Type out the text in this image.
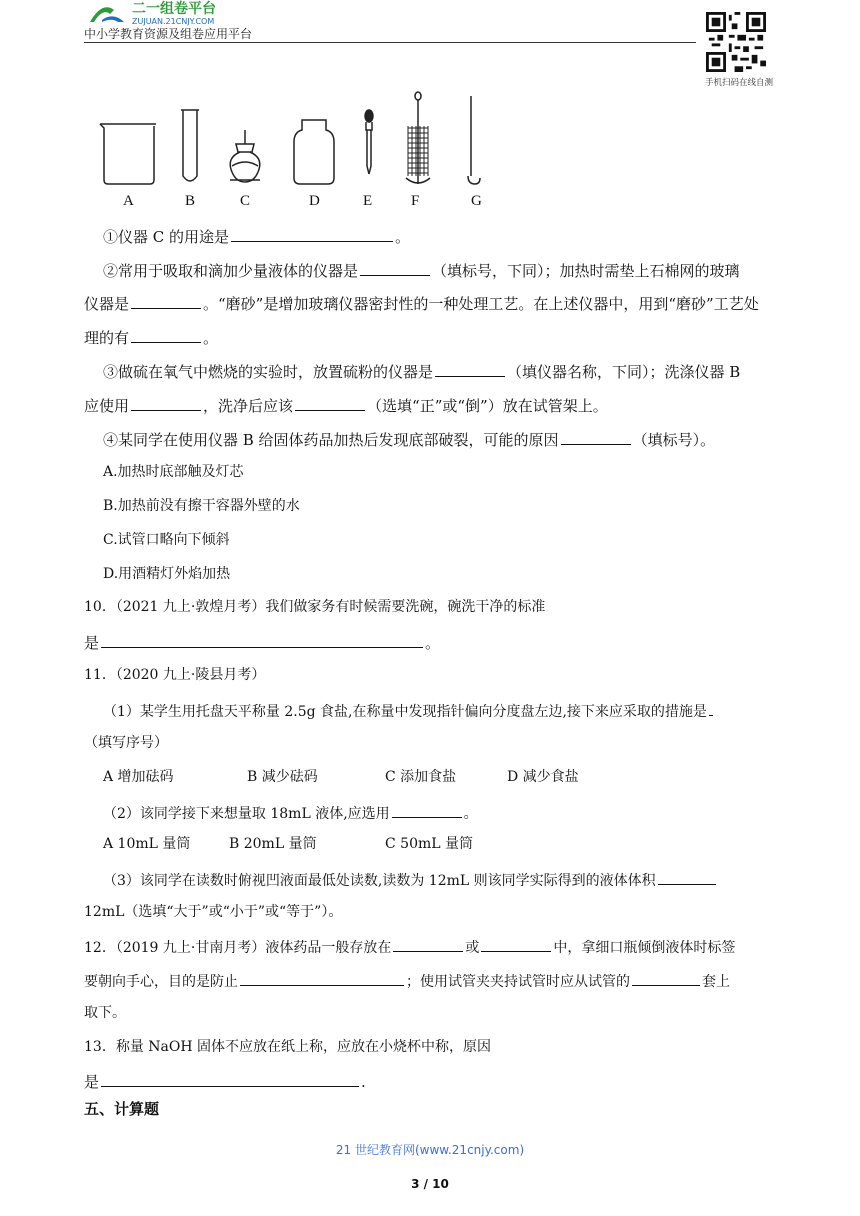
二一组卷平台
ZUJUAN.21CNJY.COM
中小学教育资源及组卷应用平台
手机扫码在线自测
A	B	C	D	E	F	G
①仪器 C 的用途是	。
②常用于吸取和滴加少量液体的仪器是	（填标号，下同）；加热时需垫上石棉网的玻璃
仪器是	。“磨砂”是增加玻璃仪器密封性的一种处理工艺。在上述仪器中，用到“磨砂”工艺处
理的有	。
③做硫在氧气中燃烧的实验时，放置硫粉的仪器是	（填仪器名称，下同）；洗涤仪器 B
应使用	，洗净后应该	（选填“正”或“倒”）放在试管架上。
④某同学在使用仪器 B 给固体药品加热后发现底部破裂，可能的原因	（填标号）。
A.加热时底部触及灯芯
B.加热前没有擦干容器外壁的水
C.试管口略向下倾斜
D.用酒精灯外焰加热
10．（2021 九上·敦煌月考）我们做家务有时候需要洗碗，碗洗干净的标准
是	。
11．（2020 九上·陵县月考）
（1）某学生用托盘天平称量 2.5g 食盐,在称量中发现指针偏向分度盘左边,接下来应采取的措施是
（填写序号）
A 增加砝码	B 减少砝码	C 添加食盐	D 减少食盐
（2）该同学接下来想量取 18mL 液体,应选用	。
A 10mL 量筒	B 20mL 量筒	C 50mL 量筒
（3）该同学在读数时俯视凹液面最低处读数,读数为 12mL 则该同学实际得到的液体体积
12mL（选填“大于”或“小于”或“等于”）。
12．（2019 九上·甘南月考）液体药品一般存放在	或	中，拿细口瓶倾倒液体时标签
要朝向手心，目的是防止	；使用试管夹夹持试管时应从试管的	套上
取下。
13．称量 NaOH 固体不应放在纸上称，应放在小烧杯中称，原因
是	.
五、计算题
21 世纪教育网(www.21cnjy.com)
3 / 10
